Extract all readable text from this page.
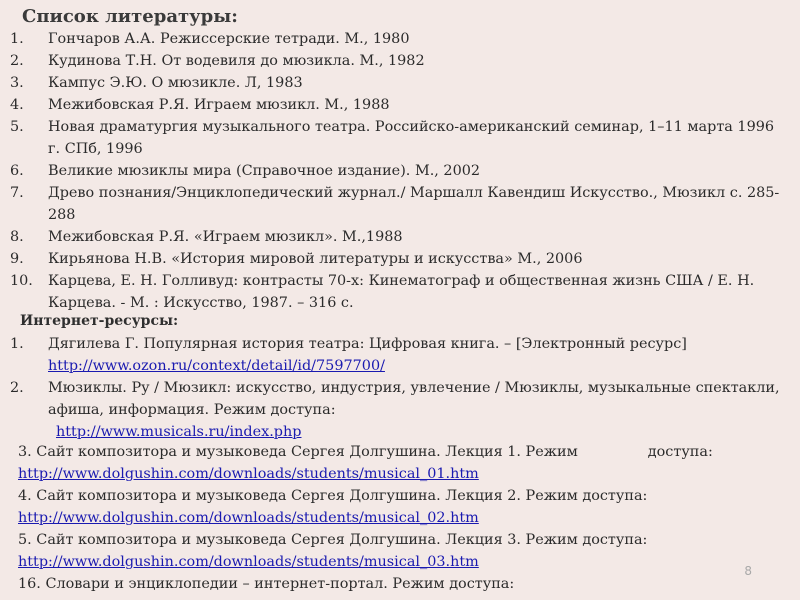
Список литературы:
1.	Гончаров А.А. Режиссерские тетради. М., 1980
2.	Кудинова Т.Н. От водевиля до мюзикла. М., 1982
3.	Кампус Э.Ю. О мюзикле. Л, 1983
4.	Межибовская Р.Я. Играем мюзикл. М., 1988
5.	Новая драматургия музыкального театра. Российско-американский семинар, 1–11 марта 1996 г. СПб, 1996
6.	Великие мюзиклы мира (Справочное издание). М., 2002
7.	Древо познания/Энциклопедический журнал./ Маршалл Кавендиш Искусство., Мюзикл с. 285-288
8.	Межибовская Р.Я. «Играем мюзикл». М.,1988
9.	Кирьянова Н.В. «История мировой литературы и искусства» М., 2006
10.	Карцева, Е. Н. Голливуд: контрасты 70-х: Кинематограф и общественная жизнь США / Е. Н. Карцева. - М. : Искусство, 1987. – 316 с.
Интернет-ресурсы:
1. Дягилева Г. Популярная история театра: Цифровая книга. – [Электронный ресурс]
http://www.ozon.ru/context/detail/id/7597700/
2. Мюзиклы. Ру / Мюзикл: искусство, индустрия, увлечение / Мюзиклы, музыкальные спектакли, афиша, информация. Режим доступа:
http://www.musicals.ru/index.php
3. Сайт композитора и музыковеда Сергея Долгушина. Лекция 1. Режим	доступа:
http://www.dolgushin.com/downloads/students/musical_01.htm
4. Сайт композитора и музыковеда Сергея Долгушина. Лекция 2. Режим доступа:
http://www.dolgushin.com/downloads/students/musical_02.htm
5. Сайт композитора и музыковеда Сергея Долгушина. Лекция 3. Режим доступа:
http://www.dolgushin.com/downloads/students/musical_03.htm
16. Словари и энциклопедии – интернет-портал. Режим доступа:
8
